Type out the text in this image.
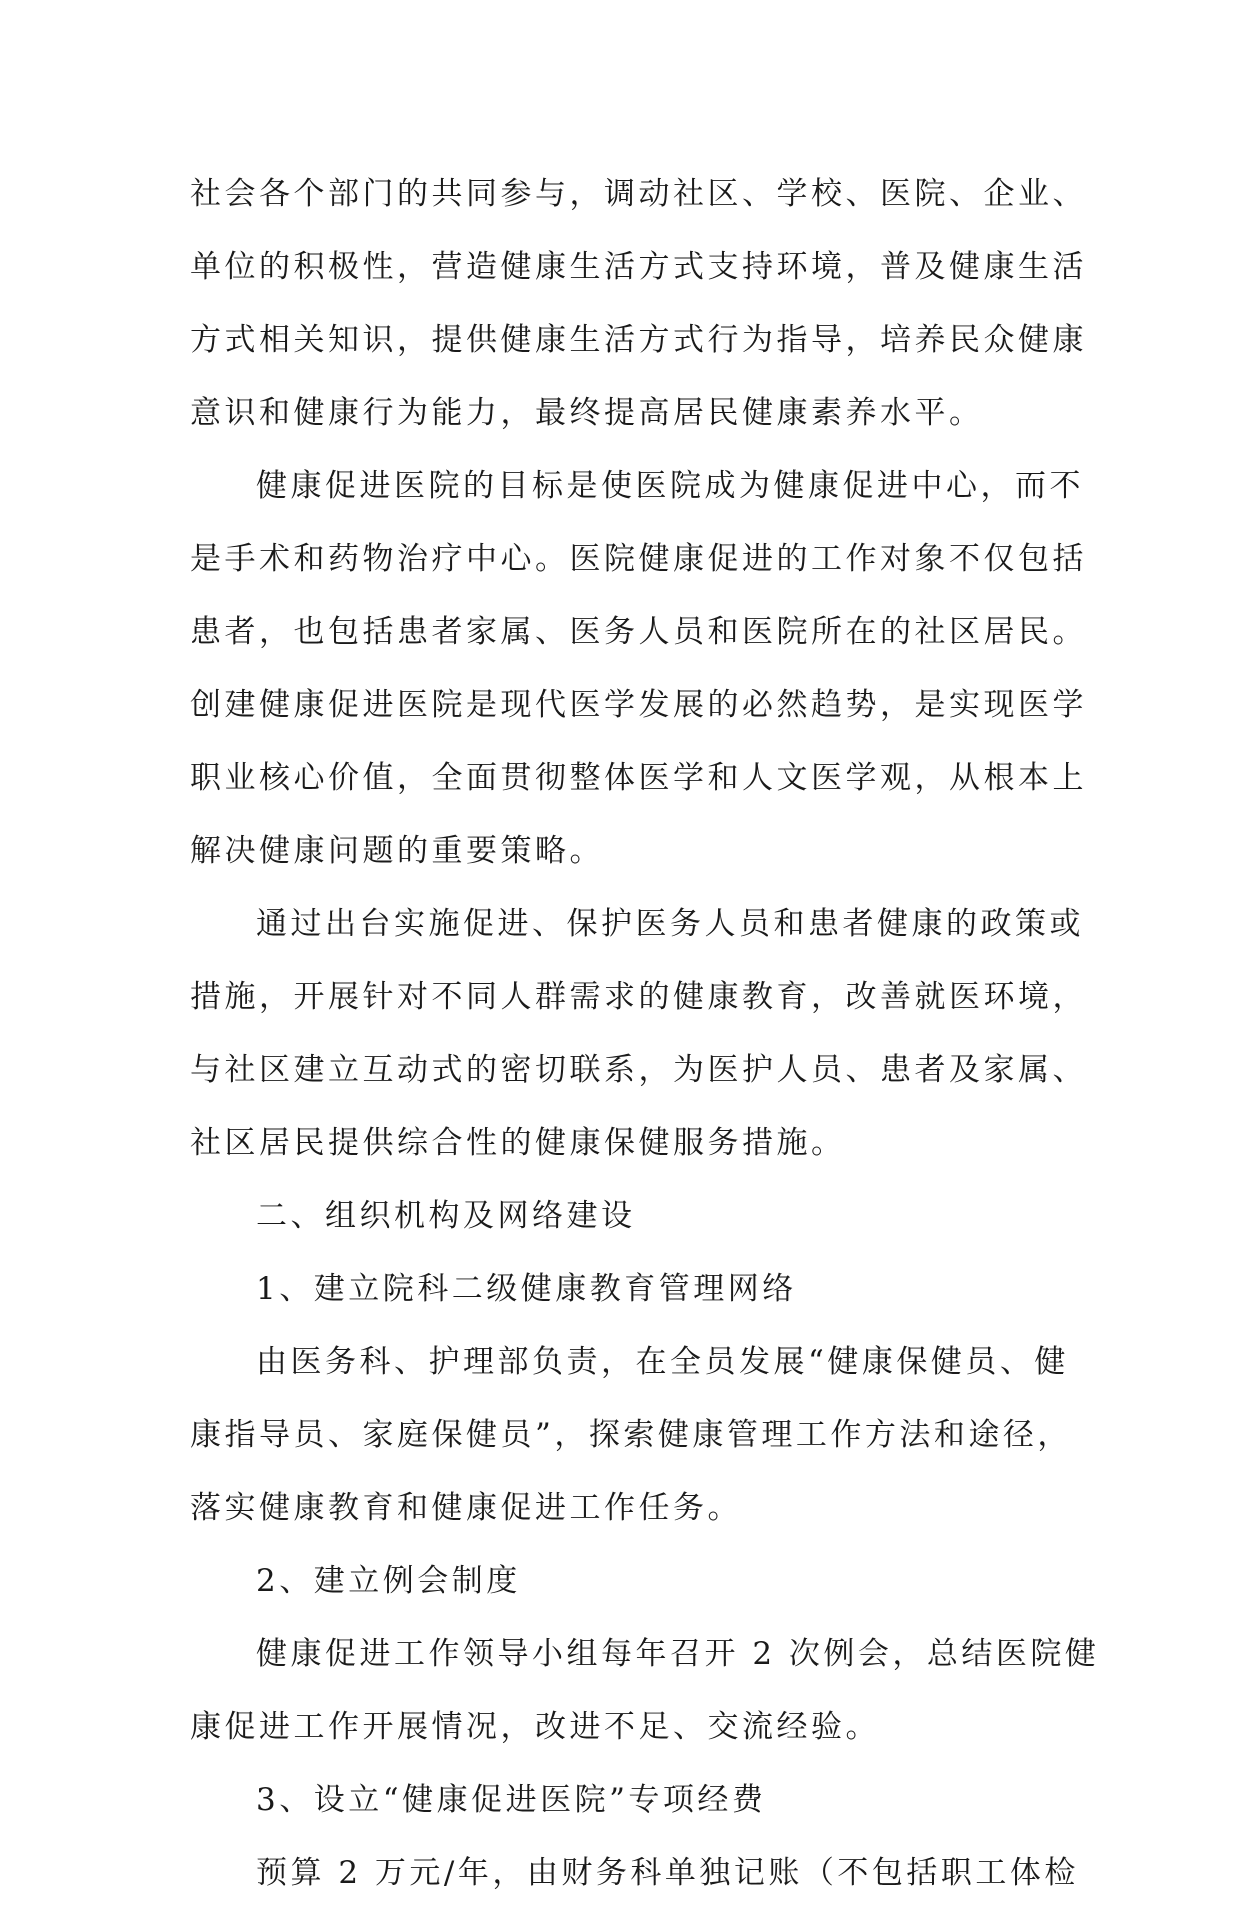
社会各个部门的共同参与，调动社区、学校、医院、企业、
单位的积极性，营造健康生活方式支持环境，普及健康生活
方式相关知识，提供健康生活方式行为指导，培养民众健康
意识和健康行为能力，最终提高居民健康素养水平。
健康促进医院的目标是使医院成为健康促进中心，而不
是手术和药物治疗中心。医院健康促进的工作对象不仅包括
患者，也包括患者家属、医务人员和医院所在的社区居民。
创建健康促进医院是现代医学发展的必然趋势，是实现医学
职业核心价值，全面贯彻整体医学和人文医学观，从根本上
解决健康问题的重要策略。
通过出台实施促进、保护医务人员和患者健康的政策或
措施，开展针对不同人群需求的健康教育，改善就医环境，
与社区建立互动式的密切联系，为医护人员、患者及家属、
社区居民提供综合性的健康保健服务措施。
二、组织机构及网络建设
1、建立院科二级健康教育管理网络
由医务科、护理部负责，在全员发展“健康保健员、健
康指导员、家庭保健员”，探索健康管理工作方法和途径，
落实健康教育和健康促进工作任务。
2、建立例会制度
健康促进工作领导小组每年召开 2 次例会，总结医院健
康促进工作开展情况，改进不足、交流经验。
3、设立“健康促进医院”专项经费
预算 2 万元/年，由财务科单独记账（不包括职工体检
